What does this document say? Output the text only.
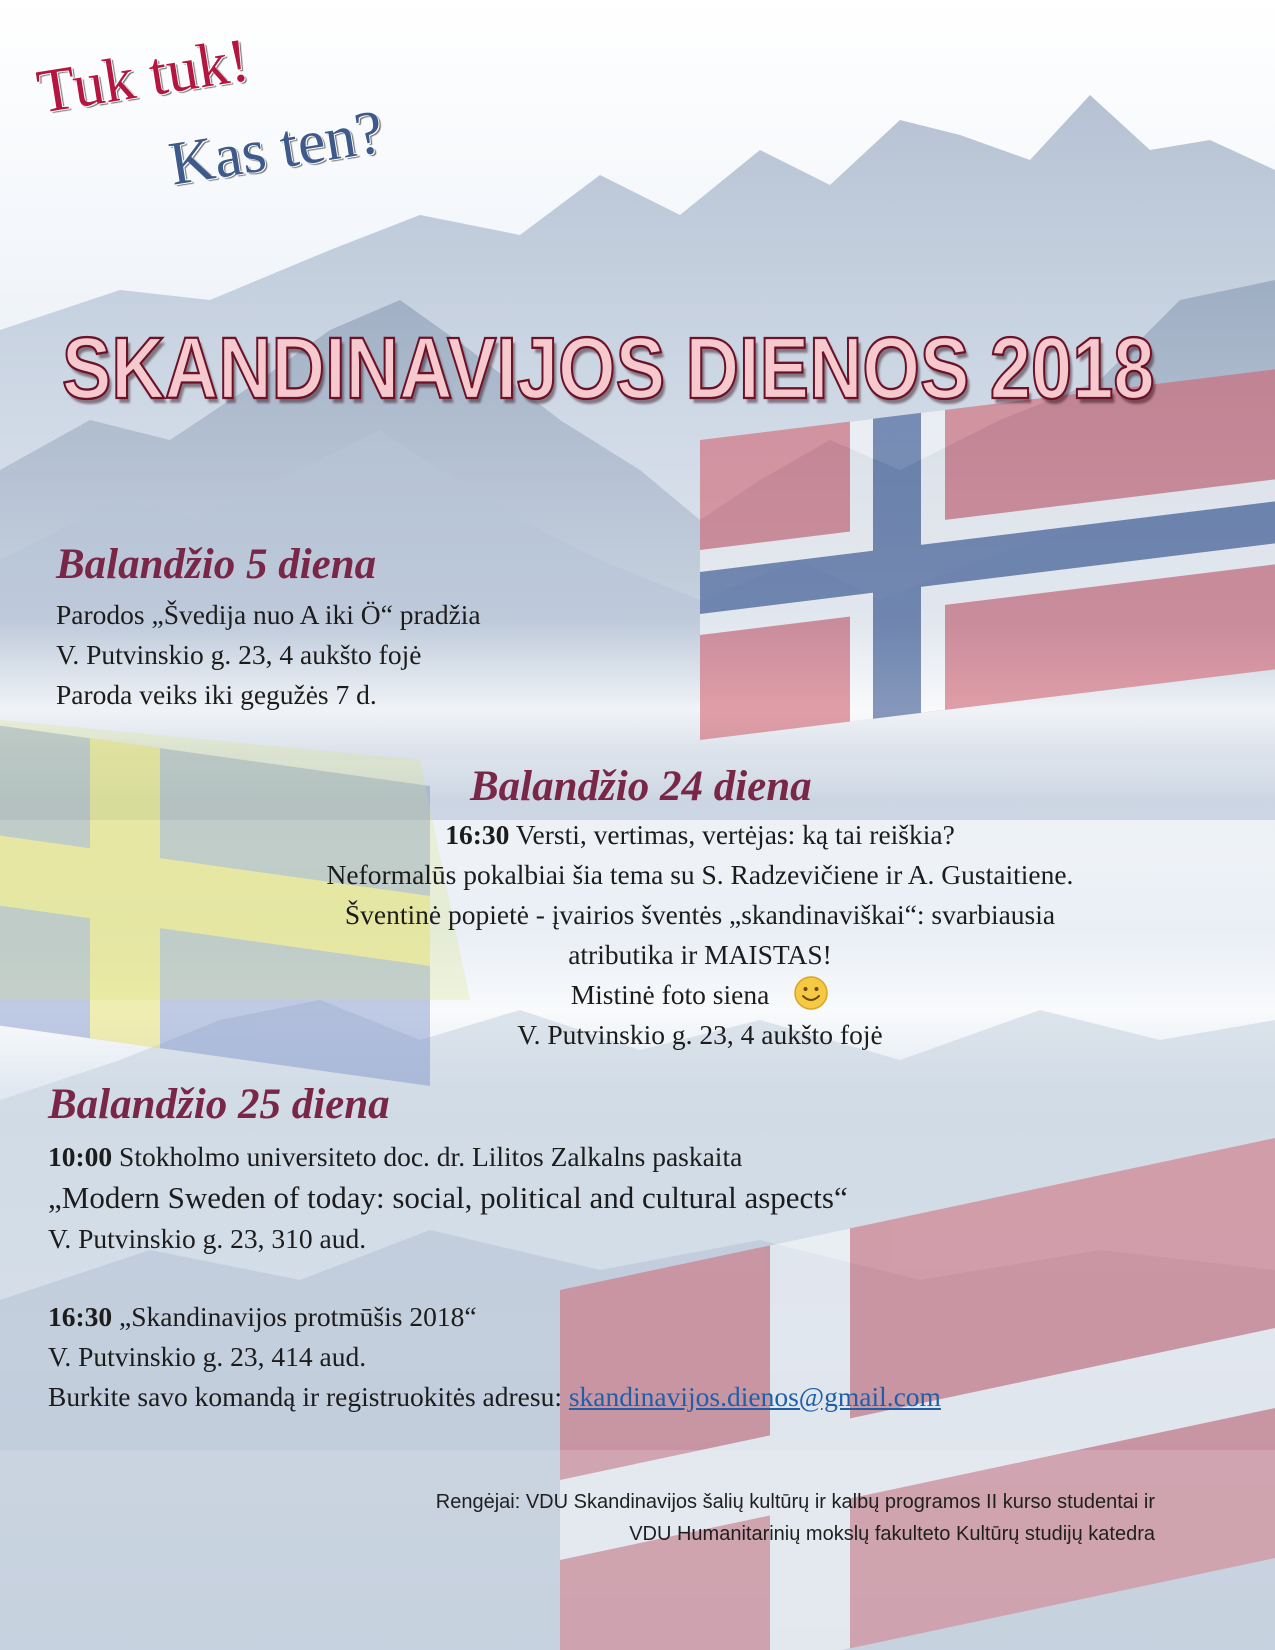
Tuk tuk!

Kas ten?

SKANDINAVIJOS DIENOS 2018
Balandžio 5 diena

Parodos „Švedija nuo A iki Ö“ pradžia

V. Putvinskio g. 23, 4 aukšto fojė

Paroda veiks iki gegužės 7 d.

Balandžio 24 diena

16:30 Versti, vertimas, vertėjas: ką tai reiškia?

Neformalūs pokalbiai šia tema su S. Radzevičiene ir A. Gustaitiene.

Šventinė popietė - įvairios šventės „skandinaviškai“: svarbiausia

atributika ir MAISTAS!

Mistinė foto siena

V. Putvinskio g. 23, 4 aukšto fojė

Balandžio 25 diena

10:00 Stokholmo universiteto doc. dr. Lilitos Zalkalns paskaita

„Modern Sweden of today: social, political and cultural aspects“

V. Putvinskio g. 23, 310 aud.

16:30 „Skandinavijos protmūšis 2018“

V. Putvinskio g. 23, 414 aud.

Burkite savo komandą ir registruokitės adresu: skandinavijos.dienos@gmail.com

Rengėjai: VDU Skandinavijos šalių kultūrų ir kalbų programos II kurso studentai ir
VDU Humanitarinių mokslų fakulteto Kultūrų studijų katedra
